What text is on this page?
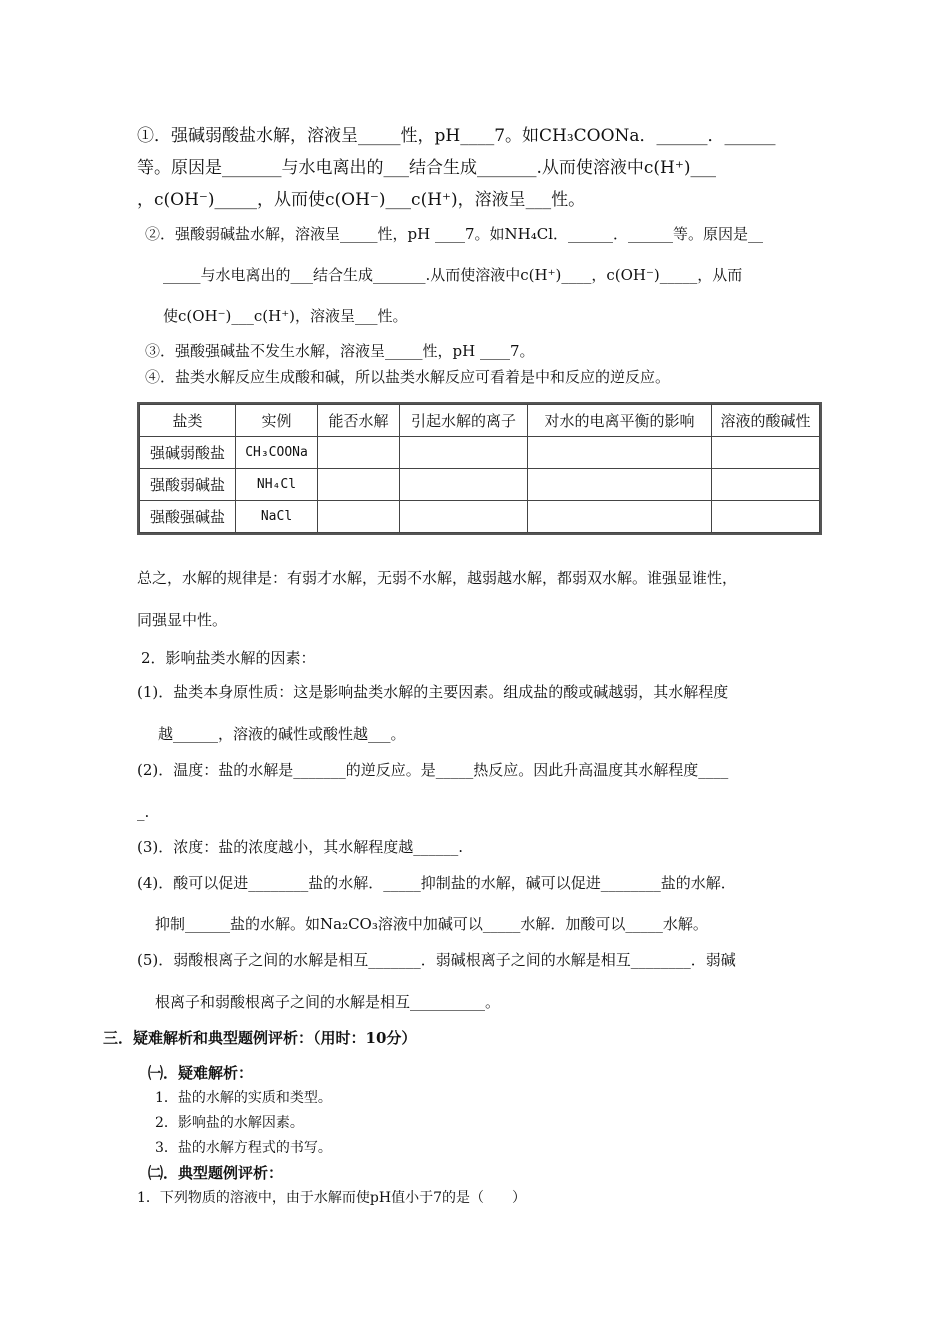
①．强碱弱酸盐水解，溶液呈_____性，pH____7。如CH₃COONa．______．______
等。原因是_______与水电离出的___结合生成_______.从而使溶液中c(H⁺)___
，c(OH⁻)_____，从而使c(OH⁻)___c(H⁺)，溶液呈___性。
②．强酸弱碱盐水解，溶液呈_____性，pH ____7。如NH₄Cl．______．______等。原因是__
_____与水电离出的___结合生成_______.从而使溶液中c(H⁺)____，c(OH⁻)_____，从而
使c(OH⁻)___c(H⁺)，溶液呈___性。
③．强酸强碱盐不发生水解，溶液呈_____性，pH ____7。
④．盐类水解反应生成酸和碱，所以盐类水解反应可看着是中和反应的逆反应。
盐类	实例	能否水解	引起水解的离子	对水的电离平衡的影响	溶液的酸碱性
强碱弱酸盐	CH₃COONa				
强酸弱碱盐	NH₄Cl				
强酸强碱盐	NaCl				
总之，水解的规律是：有弱才水解，无弱不水解，越弱越水解，都弱双水解。谁强显谁性，
同强显中性。
2．影响盐类水解的因素：
(1)．盐类本身原性质：这是影响盐类水解的主要因素。组成盐的酸或碱越弱，其水解程度
越______，溶液的碱性或酸性越___。
(2)．温度：盐的水解是_______的逆反应。是_____热反应。因此升高温度其水解程度____
_.
(3)．浓度：盐的浓度越小，其水解程度越______.
(4)．酸可以促进________盐的水解．_____抑制盐的水解，碱可以促进________盐的水解．
抑制______盐的水解。如Na₂CO₃溶液中加碱可以_____水解．加酸可以_____水解。
(5)．弱酸根离子之间的水解是相互_______．弱碱根离子之间的水解是相互________．弱碱
根离子和弱酸根离子之间的水解是相互__________。
三．疑难解析和典型题例评析：（用时：10分）
㈠．疑难解析：
1．盐的水解的实质和类型。
2．影响盐的水解因素。
3．盐的水解方程式的书写。
㈡．典型题例评析：
1．下列物质的溶液中，由于水解而使pH值小于7的是（　　）
